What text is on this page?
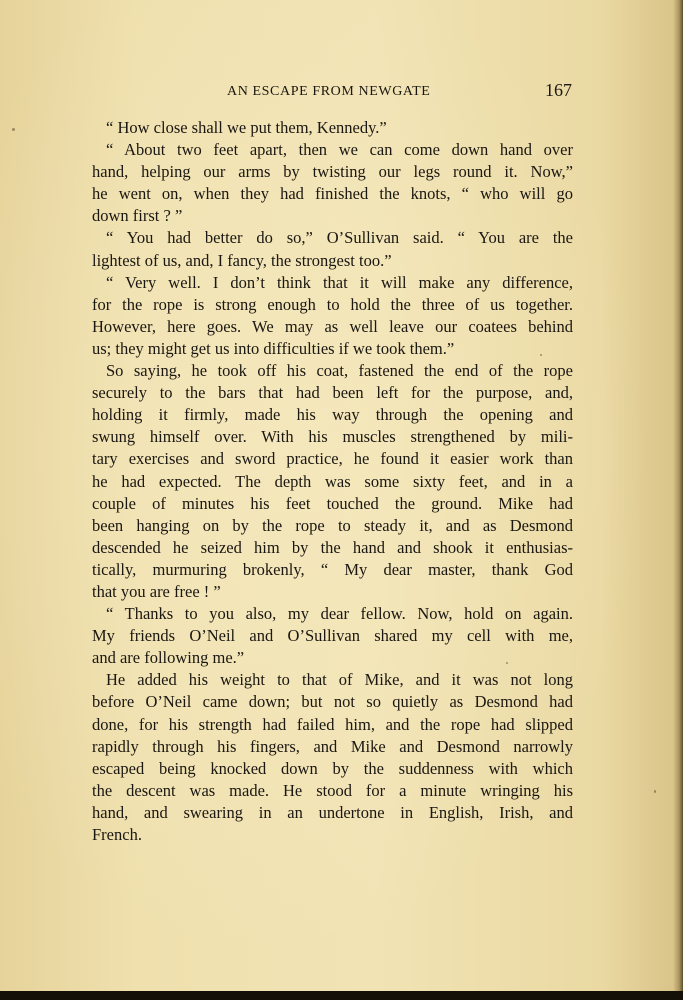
AN ESCAPE FROM NEWGATE	167
“ How close shall we put them, Kennedy.”
“ About two feet apart, then we can come down hand over
hand, helping our arms by twisting our legs round it. Now,”
he went on, when they had finished the knots, “ who will go
down first ? ”
“ You had better do so,” O’Sullivan said. “ You are the
lightest of us, and, I fancy, the strongest too.”
“ Very well. I don’t think that it will make any difference,
for the rope is strong enough to hold the three of us together.
However, here goes. We may as well leave our coatees behind
us; they might get us into difficulties if we took them.”
So saying, he took off his coat, fastened the end of the rope
securely to the bars that had been left for the purpose, and,
holding it firmly, made his way through the opening and
swung himself over. With his muscles strengthened by mili-
tary exercises and sword practice, he found it easier work than
he had expected. The depth was some sixty feet, and in a
couple of minutes his feet touched the ground. Mike had
been hanging on by the rope to steady it, and as Desmond
descended he seized him by the hand and shook it enthusias-
tically, murmuring brokenly, “ My dear master, thank God
that you are free ! ”
“ Thanks to you also, my dear fellow. Now, hold on again.
My friends O’Neil and O’Sullivan shared my cell with me,
and are following me.”
He added his weight to that of Mike, and it was not long
before O’Neil came down; but not so quietly as Desmond had
done, for his strength had failed him, and the rope had slipped
rapidly through his fingers, and Mike and Desmond narrowly
escaped being knocked down by the suddenness with which
the descent was made. He stood for a minute wringing his
hand, and swearing in an undertone in English, Irish, and
French.
